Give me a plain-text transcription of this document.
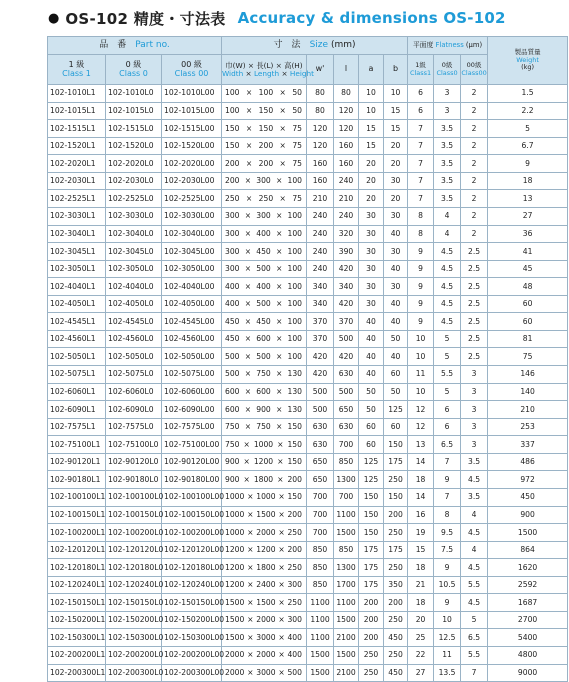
● OS-102 精度・寸法表 Accuracy & dimensions OS-102
品　番　 Part no.			寸　法　 Size (mm)					平面度 Flatness (μm)			製品質量
Weight
(kg)
1 級
Class 1	0 級
Class 0	00 級
Class 00	巾(W) × 長(L) × 高(H)
Width × Length × Height	w'	l	a	b	1級
Class1	0級
Class0	00級
Class00	
102-1010L1	102-1010L0	102-1010L00	100 × 100 × 50	80	80	10	10	6	3	2	1.5
102-1015L1	102-1015L0	102-1015L00	100 × 150 × 50	80	120	10	15	6	3	2	2.2
102-1515L1	102-1515L0	102-1515L00	150 × 150 × 75	120	120	15	15	7	3.5	2	5
102-1520L1	102-1520L0	102-1520L00	150 × 200 × 75	120	160	15	20	7	3.5	2	6.7
102-2020L1	102-2020L0	102-2020L00	200 × 200 × 75	160	160	20	20	7	3.5	2	9
102-2030L1	102-2030L0	102-2030L00	200 × 300 × 100	160	240	20	30	7	3.5	2	18
102-2525L1	102-2525L0	102-2525L00	250 × 250 × 75	210	210	20	20	7	3.5	2	13
102-3030L1	102-3030L0	102-3030L00	300 × 300 × 100	240	240	30	30	8	4	2	27
102-3040L1	102-3040L0	102-3040L00	300 × 400 × 100	240	320	30	40	8	4	2	36
102-3045L1	102-3045L0	102-3045L00	300 × 450 × 100	240	390	30	30	9	4.5	2.5	41
102-3050L1	102-3050L0	102-3050L00	300 × 500 × 100	240	420	30	40	9	4.5	2.5	45
102-4040L1	102-4040L0	102-4040L00	400 × 400 × 100	340	340	30	30	9	4.5	2.5	48
102-4050L1	102-4050L0	102-4050L00	400 × 500 × 100	340	420	30	40	9	4.5	2.5	60
102-4545L1	102-4545L0	102-4545L00	450 × 450 × 100	370	370	40	40	9	4.5	2.5	60
102-4560L1	102-4560L0	102-4560L00	450 × 600 × 100	370	500	40	50	10	5	2.5	81
102-5050L1	102-5050L0	102-5050L00	500 × 500 × 100	420	420	40	40	10	5	2.5	75
102-5075L1	102-5075L0	102-5075L00	500 × 750 × 130	420	630	40	60	11	5.5	3	146
102-6060L1	102-6060L0	102-6060L00	600 × 600 × 130	500	500	50	50	10	5	3	140
102-6090L1	102-6090L0	102-6090L00	600 × 900 × 130	500	650	50	125	12	6	3	210
102-7575L1	102-7575L0	102-7575L00	750 × 750 × 150	630	630	60	60	12	6	3	253
102-75100L1	102-75100L0	102-75100L00	750 × 1000 × 150	630	700	60	150	13	6.5	3	337
102-90120L1	102-90120L0	102-90120L00	900 × 1200 × 150	650	850	125	175	14	7	3.5	486
102-90180L1	102-90180L0	102-90180L00	900 × 1800 × 200	650	1300	125	250	18	9	4.5	972
102-100100L1	102-100100L0	102-100100L00	1000 × 1000 × 150	700	700	150	150	14	7	3.5	450
102-100150L1	102-100150L0	102-100150L00	1000 × 1500 × 200	700	1100	150	200	16	8	4	900
102-100200L1	102-100200L0	102-100200L00	1000 × 2000 × 250	700	1500	150	250	19	9.5	4.5	1500
102-120120L1	102-120120L0	102-120120L00	1200 × 1200 × 200	850	850	175	175	15	7.5	4	864
102-120180L1	102-120180L0	102-120180L00	1200 × 1800 × 250	850	1300	175	250	18	9	4.5	1620
102-120240L1	102-120240L0	102-120240L00	1200 × 2400 × 300	850	1700	175	350	21	10.5	5.5	2592
102-150150L1	102-150150L0	102-150150L00	1500 × 1500 × 250	1100	1100	200	200	18	9	4.5	1687
102-150200L1	102-150200L0	102-150200L00	1500 × 2000 × 300	1100	1500	200	250	20	10	5	2700
102-150300L1	102-150300L0	102-150300L00	1500 × 3000 × 400	1100	2100	200	450	25	12.5	6.5	5400
102-200200L1	102-200200L0	102-200200L00	2000 × 2000 × 400	1500	1500	250	250	22	11	5.5	4800
102-200300L1	102-200300L0	102-200300L00	2000 × 3000 × 500	1500	2100	250	450	27	13.5	7	9000
